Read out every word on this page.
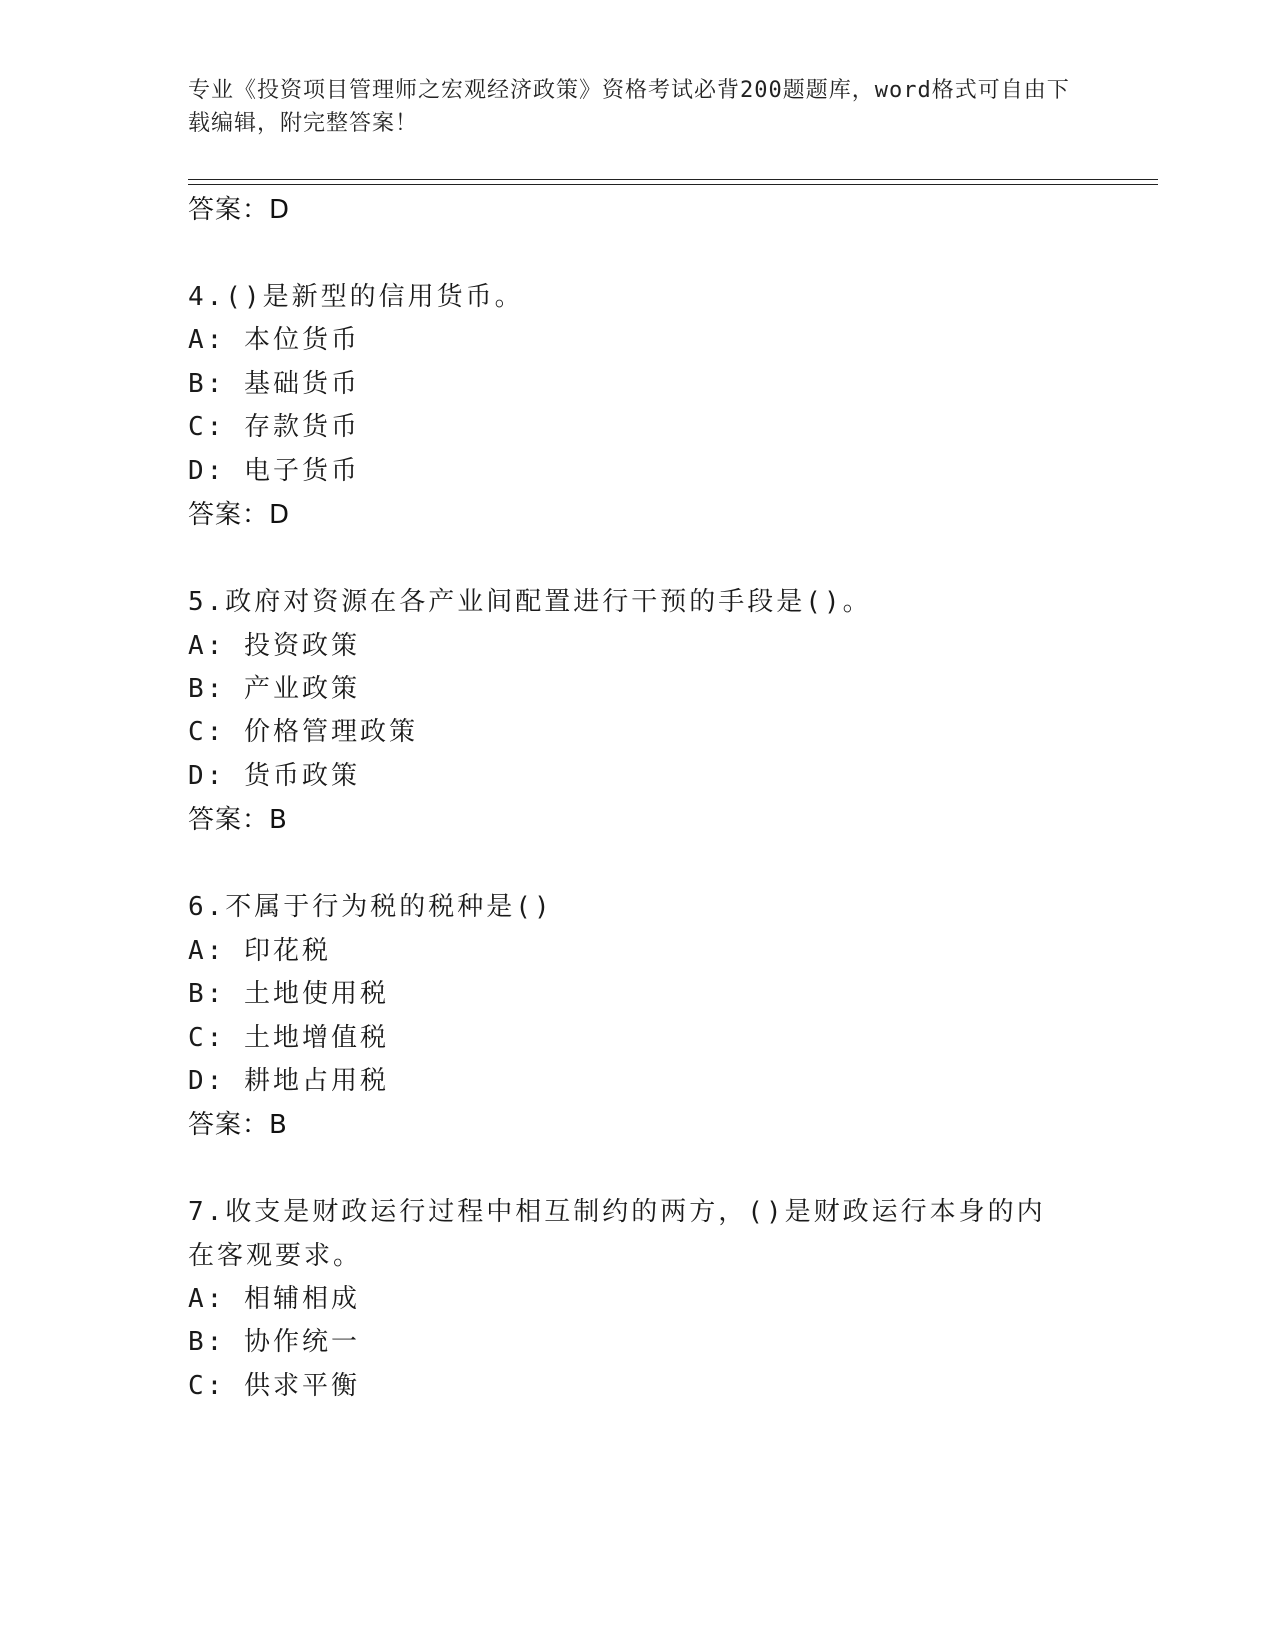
专业《投资项目管理师之宏观经济政策》资格考试必背200题题库，word格式可自由下载编辑，附完整答案！
答案：D
4.()是新型的信用货币。
A: 本位货币
B: 基础货币
C: 存款货币
D: 电子货币
答案：D
5.政府对资源在各产业间配置进行干预的手段是()。
A: 投资政策
B: 产业政策
C: 价格管理政策
D: 货币政策
答案：B
6.不属于行为税的税种是()
A: 印花税
B: 土地使用税
C: 土地增值税
D: 耕地占用税
答案：B
7.收支是财政运行过程中相互制约的两方，()是财政运行本身的内在客观要求。
A: 相辅相成
B: 协作统一
C: 供求平衡
